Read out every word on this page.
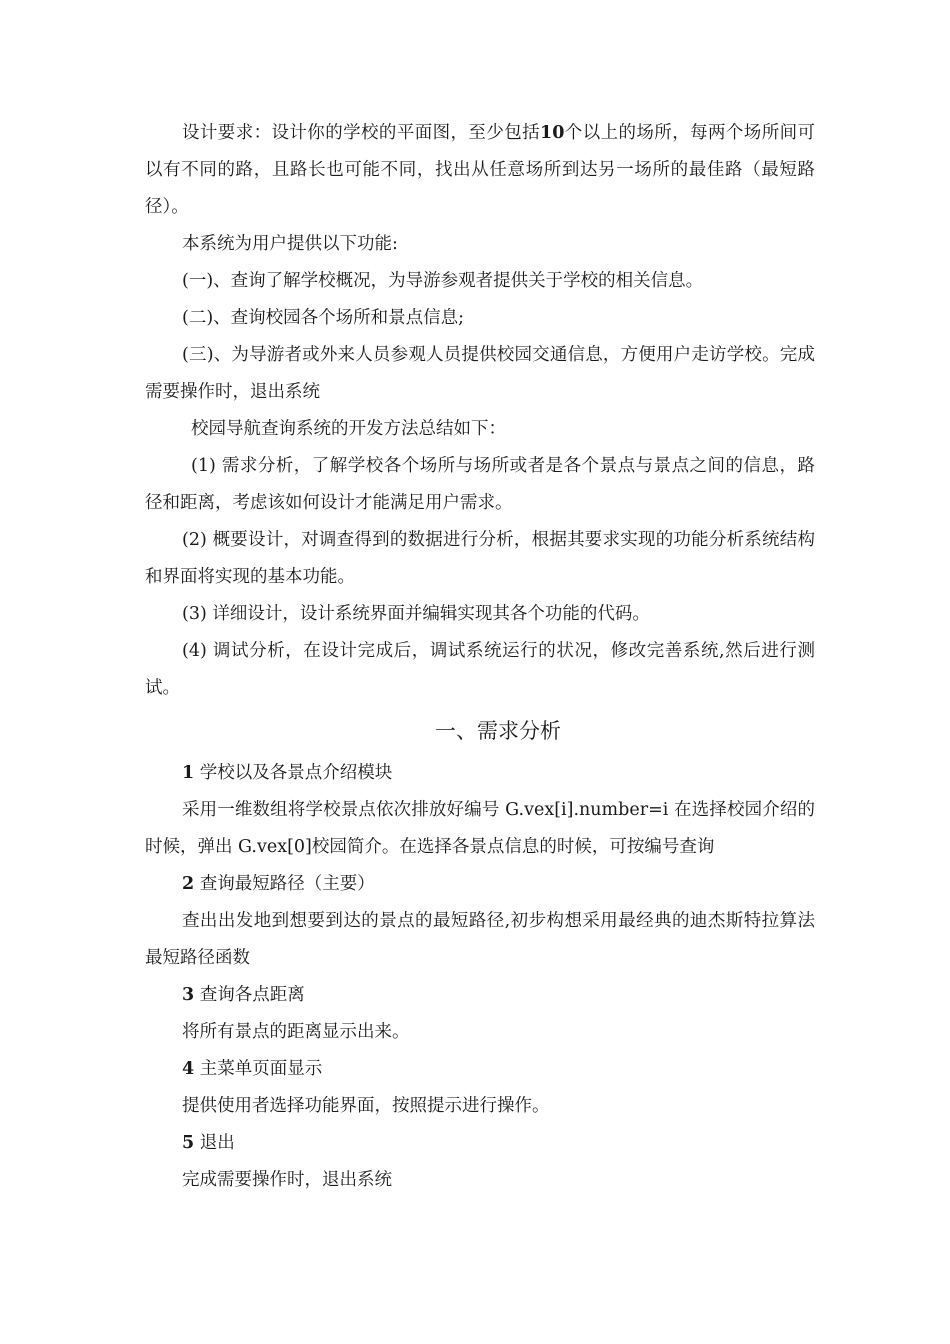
设计要求：设计你的学校的平面图，至少包括10个以上的场所，每两个场所间可以有不同的路，且路长也可能不同，找出从任意场所到达另一场所的最佳路（最短路径）。

本系统为用户提供以下功能:

(一)、查询了解学校概况，为导游参观者提供关于学校的相关信息。

(二)、查询校园各个场所和景点信息;

(三)、为导游者或外来人员参观人员提供校园交通信息，方便用户走访学校。完成需要操作时，退出系统

校园导航查询系统的开发方法总结如下：

(1) 需求分析，了解学校各个场所与场所或者是各个景点与景点之间的信息，路径和距离，考虑该如何设计才能满足用户需求。

(2) 概要设计，对调查得到的数据进行分析，根据其要求实现的功能分析系统结构和界面将实现的基本功能。

(3) 详细设计，设计系统界面并编辑实现其各个功能的代码。

(4) 调试分析，在设计完成后，调试系统运行的状况，修改完善系统,然后进行测试。

一、需求分析

1 学校以及各景点介绍模块

采用一维数组将学校景点依次排放好编号 G.vex[i].number=i 在选择校园介绍的时候，弹出 G.vex[0]校园简介。在选择各景点信息的时候，可按编号查询

2 查询最短路径（主要）

查出出发地到想要到达的景点的最短路径,初步构想采用最经典的迪杰斯特拉算法最短路径函数

3 查询各点距离

将所有景点的距离显示出来。

4 主菜单页面显示

提供使用者选择功能界面，按照提示进行操作。

5 退出

完成需要操作时，退出系统
